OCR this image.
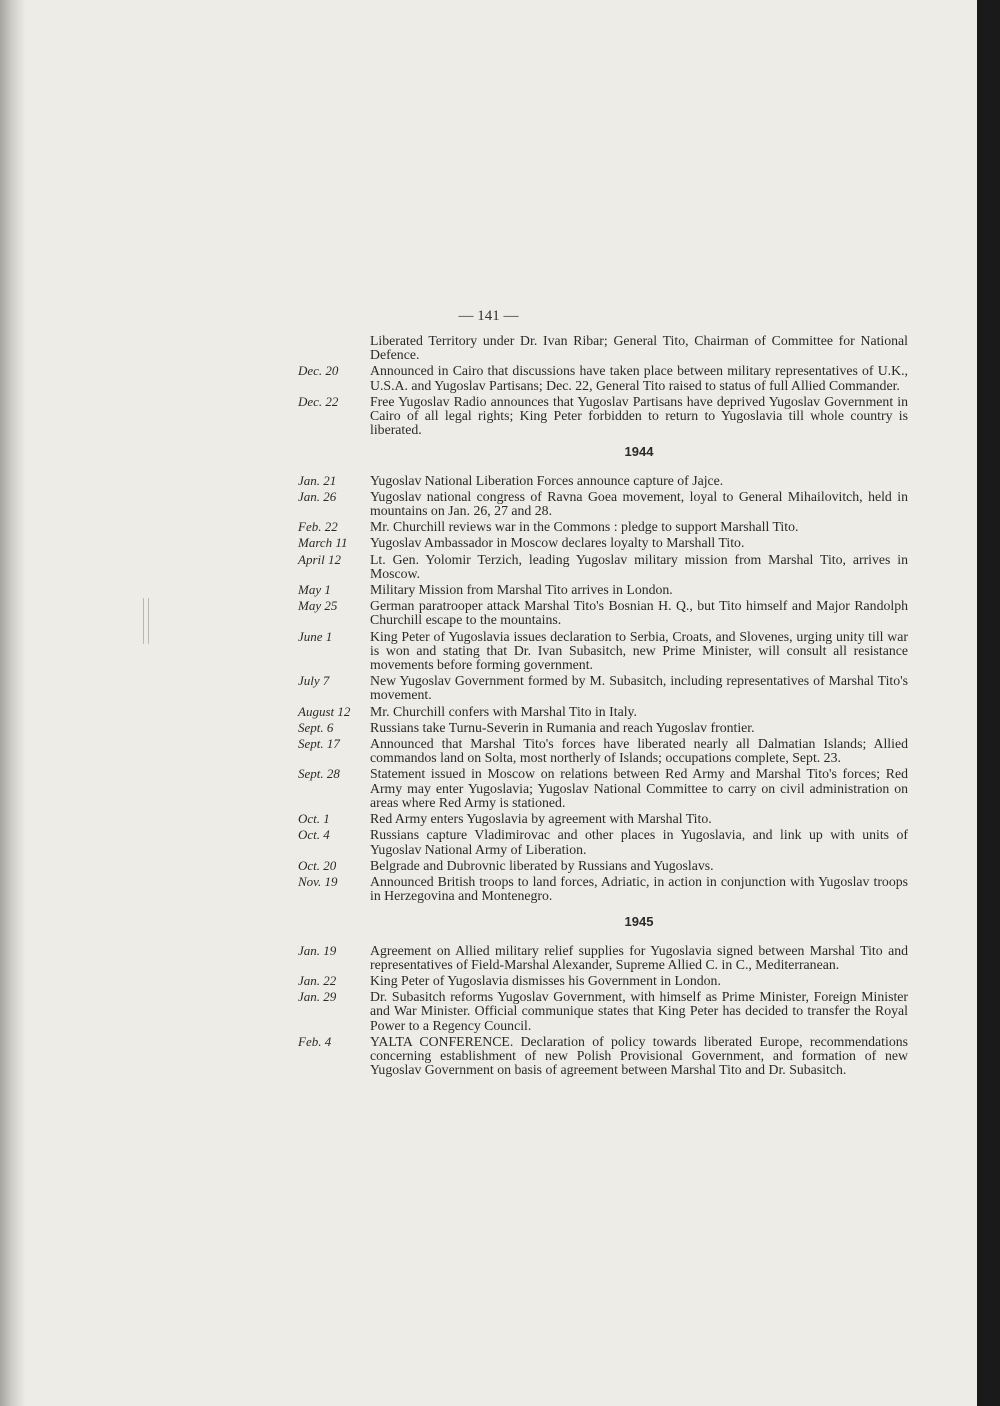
— 141 —
Liberated Territory under Dr. Ivan Ribar; General Tito, Chairman of Committee for National Defence.
Dec. 20	Announced in Cairo that discussions have taken place between military representatives of U.K., U.S.A. and Yugoslav Partisans; Dec. 22, General Tito raised to status of full Allied Commander.
Dec. 22	Free Yugoslav Radio announces that Yugoslav Partisans have deprived Yugoslav Government in Cairo of all legal rights; King Peter forbidden to return to Yugoslavia till whole country is liberated.
1944
Jan. 21	Yugoslav National Liberation Forces announce capture of Jajce.
Jan. 26	Yugoslav national congress of Ravna Goea movement, loyal to General Mihailovitch, held in mountains on Jan. 26, 27 and 28.
Feb. 22	Mr. Churchill reviews war in the Commons : pledge to support Marshall Tito.
March 11	Yugoslav Ambassador in Moscow declares loyalty to Marshall Tito.
April 12	Lt. Gen. Yolomir Terzich, leading Yugoslav military mission from Marshal Tito, arrives in Moscow.
May 1	Military Mission from Marshal Tito arrives in London.
May 25	German paratrooper attack Marshal Tito's Bosnian H. Q., but Tito himself and Major Randolph Churchill escape to the mountains.
June 1	King Peter of Yugoslavia issues declaration to Serbia, Croats, and Slovenes, urging unity till war is won and stating that Dr. Ivan Subasitch, new Prime Minister, will consult all resistance movements before forming government.
July 7	New Yugoslav Government formed by M. Subasitch, including representatives of Marshal Tito's movement.
August 12	Mr. Churchill confers with Marshal Tito in Italy.
Sept. 6	Russians take Turnu-Severin in Rumania and reach Yugoslav frontier.
Sept. 17	Announced that Marshal Tito's forces have liberated nearly all Dalmatian Islands; Allied commandos land on Solta, most northerly of Islands; occupations complete, Sept. 23.
Sept. 28	Statement issued in Moscow on relations between Red Army and Marshal Tito's forces; Red Army may enter Yugoslavia; Yugoslav National Committee to carry on civil administration on areas where Red Army is stationed.
Oct. 1	Red Army enters Yugoslavia by agreement with Marshal Tito.
Oct. 4	Russians capture Vladimirovac and other places in Yugoslavia, and link up with units of Yugoslav National Army of Liberation.
Oct. 20	Belgrade and Dubrovnic liberated by Russians and Yugoslavs.
Nov. 19	Announced British troops to land forces, Adriatic, in action in conjunction with Yugoslav troops in Herzegovina and Montenegro.
1945
Jan. 19	Agreement on Allied military relief supplies for Yugoslavia signed between Marshal Tito and representatives of Field-Marshal Alexander, Supreme Allied C. in C., Mediterranean.
Jan. 22	King Peter of Yugoslavia dismisses his Government in London.
Jan. 29	Dr. Subasitch reforms Yugoslav Government, with himself as Prime Minister, Foreign Minister and War Minister. Official communique states that King Peter has decided to transfer the Royal Power to a Regency Council.
Feb. 4	YALTA CONFERENCE. Declaration of policy towards liberated Europe, recommendations concerning establishment of new Polish Provisional Government, and formation of new Yugoslav Government on basis of agreement between Marshal Tito and Dr. Subasitch.
